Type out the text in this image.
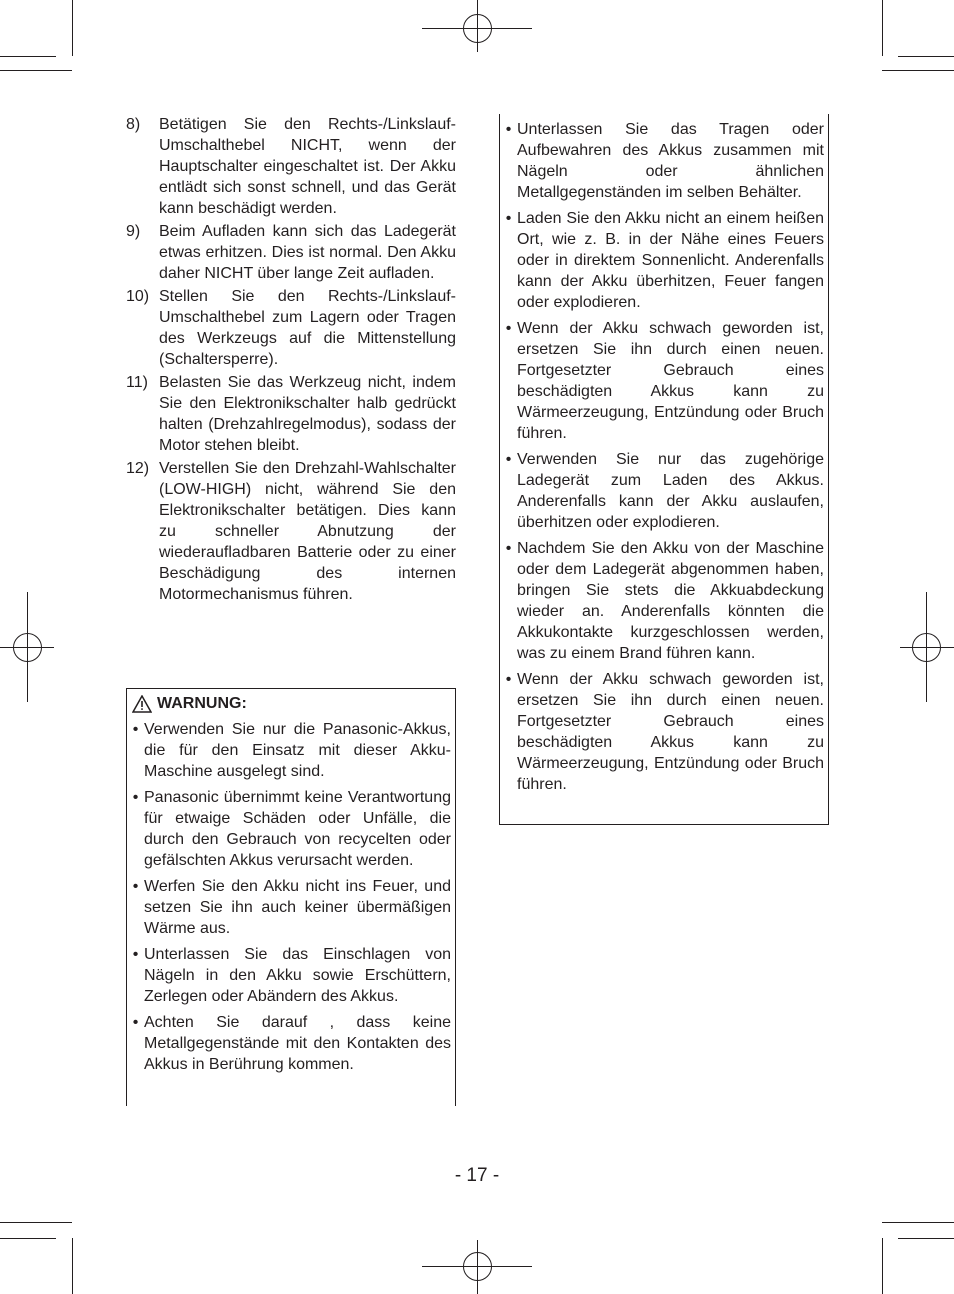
8)	Betätigen Sie den Rechts-/Linkslauf-Umschalthebel NICHT, wenn der Hauptschalter eingeschaltet ist. Der Akku entlädt sich sonst schnell, und das Gerät kann beschädigt werden.
9)	Beim Aufladen kann sich das Ladegerät etwas erhitzen. Dies ist normal. Den Akku daher NICHT über lange Zeit aufladen.
10) Stellen Sie den Rechts-/Linkslauf-Umschalthebel zum Lagern oder Tragen des Werkzeugs auf die Mittenstellung (Schaltersperre).
11) Belasten Sie das Werkzeug nicht, indem Sie den Elektronikschalter halb gedrückt halten (Drehzahlregelmodus), sodass der Motor stehen bleibt.
12) Verstellen Sie den Drehzahl-Wahlschalter (LOW-HIGH) nicht, während Sie den Elektronikschalter betätigen. Dies kann zu schneller Abnutzung der wiederaufladbaren Batterie oder zu einer Beschädigung des internen Motormechanismus führen.
WARNUNG:
• Verwenden Sie nur die Panasonic-Akkus, die für den Einsatz mit dieser Akku-Maschine ausgelegt sind.
• Panasonic übernimmt keine Verantwortung für etwaige Schäden oder Unfälle, die durch den Gebrauch von recycelten oder gefälschten Akkus verursacht werden.
• Werfen Sie den Akku nicht ins Feuer, und setzen Sie ihn auch keiner übermäßigen Wärme aus.
• Unterlassen Sie das Einschlagen von Nägeln in den Akku sowie Erschüttern, Zerlegen oder Abändern des Akkus.
• Achten Sie darauf , dass keine Metallgegenstände mit den Kontakten des Akkus in Berührung kommen.
• Unterlassen Sie das Tragen oder Aufbewahren des Akkus zusammen mit Nägeln oder ähnlichen Metallgegenständen im selben Behälter.
• Laden Sie den Akku nicht an einem heißen Ort, wie z. B. in der Nähe eines Feuers oder in direktem Sonnenlicht. Anderenfalls kann der Akku überhitzen, Feuer fangen oder explodieren.
• Wenn der Akku schwach geworden ist, ersetzen Sie ihn durch einen neuen. Fortgesetzter Gebrauch eines beschädigten Akkus kann zu Wärmeerzeugung, Entzündung oder Bruch führen.
• Verwenden Sie nur das zugehörige Ladegerät zum Laden des Akkus. Anderenfalls kann der Akku auslaufen, überhitzen oder explodieren.
• Nachdem Sie den Akku von der Maschine oder dem Ladegerät abgenommen haben, bringen Sie stets die Akkuabdeckung wieder an. Anderenfalls könnten die Akkukontakte kurzgeschlossen werden, was zu einem Brand führen kann.
• Wenn der Akku schwach geworden ist, ersetzen Sie ihn durch einen neuen. Fortgesetzter Gebrauch eines beschädigten Akkus kann zu Wärmeerzeugung, Entzündung oder Bruch führen.
- 17 -
